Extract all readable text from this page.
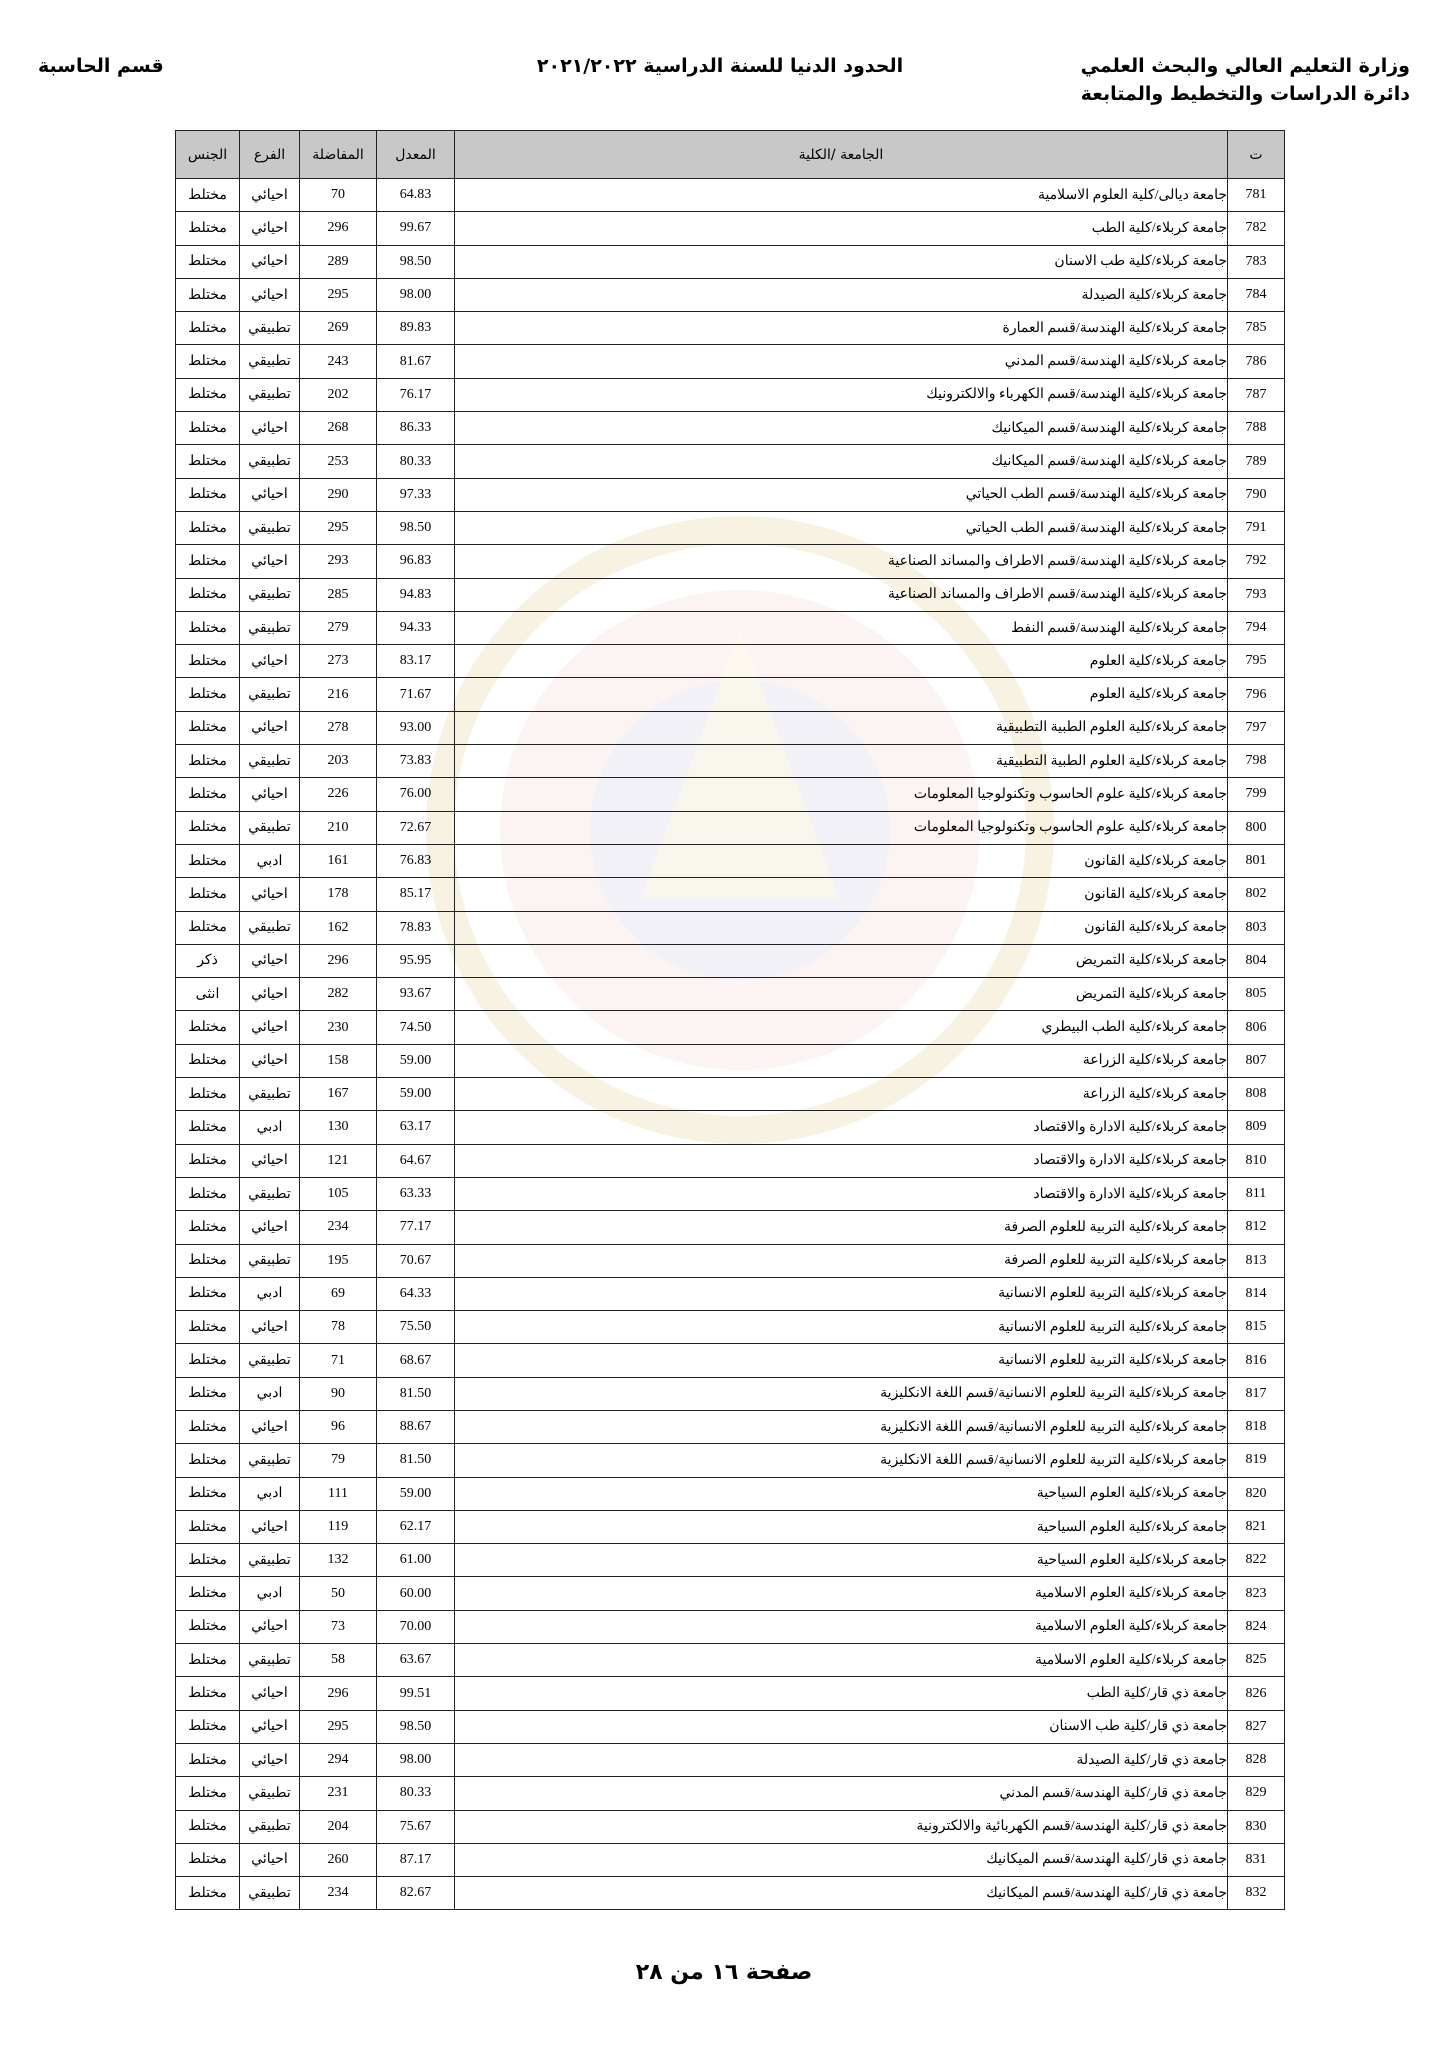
وزارة التعليم العالي والبحث العلمي
دائرة الدراسات والتخطيط والمتابعة
الحدود الدنيا للسنة الدراسية ٢٠٢١/٢٠٢٢
قسم الحاسبة
ت	الجامعة /الكلية	المعدل	المفاضلة	الفرع	الجنس
781	جامعة ديالى/كلية العلوم الاسلامية	64.83	70	احيائي	مختلط
782	جامعة كربلاء/كلية الطب	99.67	296	احيائي	مختلط
783	جامعة كربلاء/كلية طب الاسنان	98.50	289	احيائي	مختلط
784	جامعة كربلاء/كلية الصيدلة	98.00	295	احيائي	مختلط
785	جامعة كربلاء/كلية الهندسة/قسم العمارة	89.83	269	تطبيقي	مختلط
786	جامعة كربلاء/كلية الهندسة/قسم المدني	81.67	243	تطبيقي	مختلط
787	جامعة كربلاء/كلية الهندسة/قسم الكهرباء والالكترونيك	76.17	202	تطبيقي	مختلط
788	جامعة كربلاء/كلية الهندسة/قسم الميكانيك	86.33	268	احيائي	مختلط
789	جامعة كربلاء/كلية الهندسة/قسم الميكانيك	80.33	253	تطبيقي	مختلط
790	جامعة كربلاء/كلية الهندسة/قسم الطب الحياتي	97.33	290	احيائي	مختلط
791	جامعة كربلاء/كلية الهندسة/قسم الطب الحياتي	98.50	295	تطبيقي	مختلط
792	جامعة كربلاء/كلية الهندسة/قسم الاطراف والمساند الصناعية	96.83	293	احيائي	مختلط
793	جامعة كربلاء/كلية الهندسة/قسم الاطراف والمساند الصناعية	94.83	285	تطبيقي	مختلط
794	جامعة كربلاء/كلية الهندسة/قسم النفط	94.33	279	تطبيقي	مختلط
795	جامعة كربلاء/كلية العلوم	83.17	273	احيائي	مختلط
796	جامعة كربلاء/كلية العلوم	71.67	216	تطبيقي	مختلط
797	جامعة كربلاء/كلية العلوم الطبية التطبيقية	93.00	278	احيائي	مختلط
798	جامعة كربلاء/كلية العلوم الطبية التطبيقية	73.83	203	تطبيقي	مختلط
799	جامعة كربلاء/كلية علوم الحاسوب وتكنولوجيا المعلومات	76.00	226	احيائي	مختلط
800	جامعة كربلاء/كلية علوم الحاسوب وتكنولوجيا المعلومات	72.67	210	تطبيقي	مختلط
801	جامعة كربلاء/كلية القانون	76.83	161	ادبي	مختلط
802	جامعة كربلاء/كلية القانون	85.17	178	احيائي	مختلط
803	جامعة كربلاء/كلية القانون	78.83	162	تطبيقي	مختلط
804	جامعة كربلاء/كلية التمريض	95.95	296	احيائي	ذكر
805	جامعة كربلاء/كلية التمريض	93.67	282	احيائي	انثى
806	جامعة كربلاء/كلية الطب البيطري	74.50	230	احيائي	مختلط
807	جامعة كربلاء/كلية الزراعة	59.00	158	احيائي	مختلط
808	جامعة كربلاء/كلية الزراعة	59.00	167	تطبيقي	مختلط
809	جامعة كربلاء/كلية الادارة والاقتصاد	63.17	130	ادبي	مختلط
810	جامعة كربلاء/كلية الادارة والاقتصاد	64.67	121	احيائي	مختلط
811	جامعة كربلاء/كلية الادارة والاقتصاد	63.33	105	تطبيقي	مختلط
812	جامعة كربلاء/كلية التربية للعلوم الصرفة	77.17	234	احيائي	مختلط
813	جامعة كربلاء/كلية التربية للعلوم الصرفة	70.67	195	تطبيقي	مختلط
814	جامعة كربلاء/كلية التربية للعلوم الانسانية	64.33	69	ادبي	مختلط
815	جامعة كربلاء/كلية التربية للعلوم الانسانية	75.50	78	احيائي	مختلط
816	جامعة كربلاء/كلية التربية للعلوم الانسانية	68.67	71	تطبيقي	مختلط
817	جامعة كربلاء/كلية التربية للعلوم الانسانية/قسم اللغة الانكليزية	81.50	90	ادبي	مختلط
818	جامعة كربلاء/كلية التربية للعلوم الانسانية/قسم اللغة الانكليزية	88.67	96	احيائي	مختلط
819	جامعة كربلاء/كلية التربية للعلوم الانسانية/قسم اللغة الانكليزية	81.50	79	تطبيقي	مختلط
820	جامعة كربلاء/كلية العلوم السياحية	59.00	111	ادبي	مختلط
821	جامعة كربلاء/كلية العلوم السياحية	62.17	119	احيائي	مختلط
822	جامعة كربلاء/كلية العلوم السياحية	61.00	132	تطبيقي	مختلط
823	جامعة كربلاء/كلية العلوم الاسلامية	60.00	50	ادبي	مختلط
824	جامعة كربلاء/كلية العلوم الاسلامية	70.00	73	احيائي	مختلط
825	جامعة كربلاء/كلية العلوم الاسلامية	63.67	58	تطبيقي	مختلط
826	جامعة ذي قار/كلية الطب	99.51	296	احيائي	مختلط
827	جامعة ذي قار/كلية طب الاسنان	98.50	295	احيائي	مختلط
828	جامعة ذي قار/كلية الصيدلة	98.00	294	احيائي	مختلط
829	جامعة ذي قار/كلية الهندسة/قسم المدني	80.33	231	تطبيقي	مختلط
830	جامعة ذي قار/كلية الهندسة/قسم الكهربائية والالكترونية	75.67	204	تطبيقي	مختلط
831	جامعة ذي قار/كلية الهندسة/قسم الميكانيك	87.17	260	احيائي	مختلط
832	جامعة ذي قار/كلية الهندسة/قسم الميكانيك	82.67	234	تطبيقي	مختلط
صفحة ١٦ من ٢٨
